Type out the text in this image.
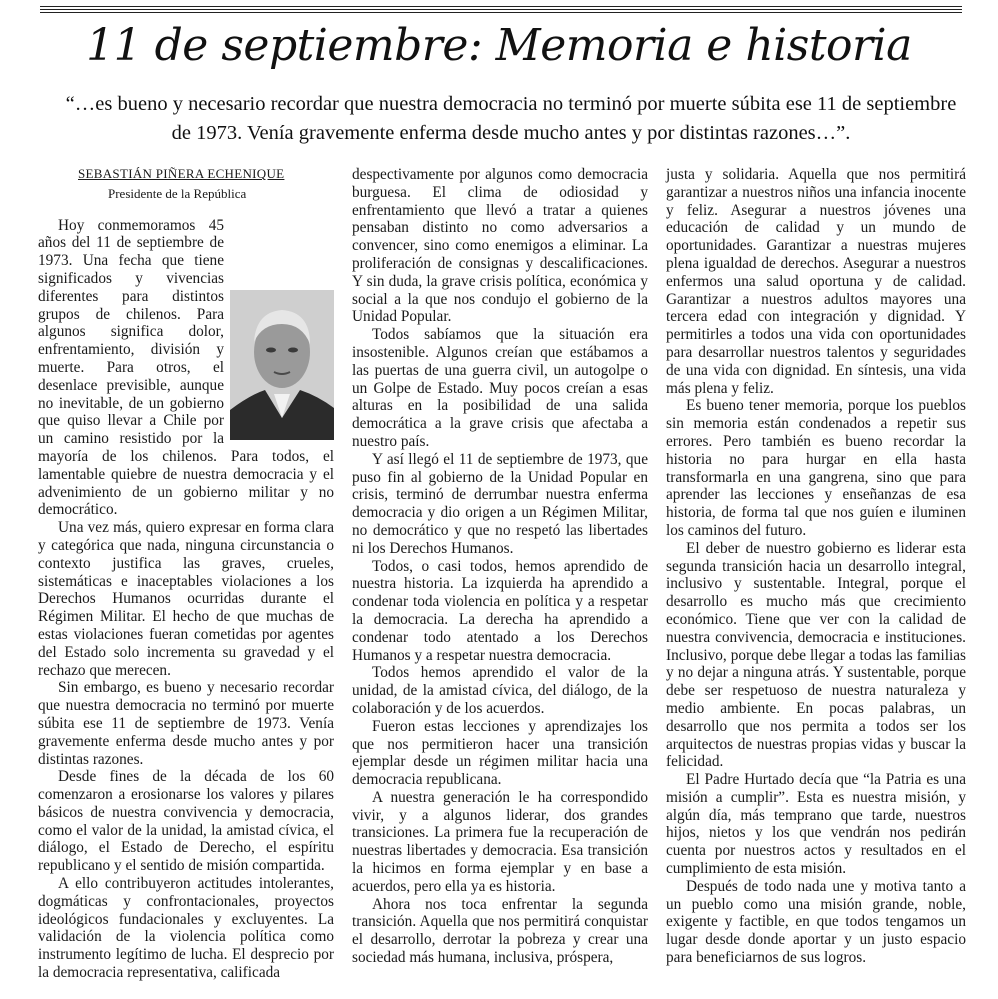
11 de septiembre: Memoria e historia

“…es bueno y necesario recordar que nuestra democracia no terminó por muerte súbita ese 11 de septiembre de 1973. Venía gravemente enferma desde mucho antes y por distintas razones…”.

SEBASTIÁN PIÑERA ECHENIQUE
Presidente de la República

Hoy conmemoramos 45 años del 11 de septiembre de 1973. Una fecha que tiene significados y vivencias diferentes para distintos grupos de chilenos. Para algunos significa dolor, enfrentamiento, división y muerte. Para otros, el desenlace previsible, aunque no inevitable, de un gobierno que quiso llevar a Chile por un camino resistido por la mayoría de los chilenos. Para todos, el lamentable quiebre de nuestra democracia y el advenimiento de un gobierno militar y no democrático.

Una vez más, quiero expresar en forma clara y categórica que nada, ninguna circunstancia o contexto justifica las graves, crueles, sistemáticas e inaceptables violaciones a los Derechos Humanos ocurridas durante el Régimen Militar. El hecho de que muchas de estas violaciones fueran cometidas por agentes del Estado solo incrementa su gravedad y el rechazo que merecen.

Sin embargo, es bueno y necesario recordar que nuestra democracia no terminó por muerte súbita ese 11 de septiembre de 1973. Venía gravemente enferma desde mucho antes y por distintas razones.

Desde fines de la década de los 60 comenzaron a erosionarse los valores y pilares básicos de nuestra convivencia y democracia, como el valor de la unidad, la amistad cívica, el diálogo, el Estado de Derecho, el espíritu republicano y el sentido de misión compartida.

A ello contribuyeron actitudes intolerantes, dogmáticas y confrontacionales, proyectos ideológicos fundacionales y excluyentes. La validación de la violencia política como instrumento legítimo de lucha. El desprecio por la democracia representativa, calificada

despectivamente por algunos como democracia burguesa. El clima de odiosidad y enfrentamiento que llevó a tratar a quienes pensaban distinto no como adversarios a convencer, sino como enemigos a eliminar. La proliferación de consignas y descalificaciones. Y sin duda, la grave crisis política, económica y social a la que nos condujo el gobierno de la Unidad Popular.

Todos sabíamos que la situación era insostenible. Algunos creían que estábamos a las puertas de una guerra civil, un autogolpe o un Golpe de Estado. Muy pocos creían a esas alturas en la posibilidad de una salida democrática a la grave crisis que afectaba a nuestro país.

Y así llegó el 11 de septiembre de 1973, que puso fin al gobierno de la Unidad Popular en crisis, terminó de derrumbar nuestra enferma democracia y dio origen a un Régimen Militar, no democrático y que no respetó las libertades ni los Derechos Humanos.

Todos, o casi todos, hemos aprendido de nuestra historia. La izquierda ha aprendido a condenar toda violencia en política y a respetar la democracia. La derecha ha aprendido a condenar todo atentado a los Derechos Humanos y a respetar nuestra democracia.

Todos hemos aprendido el valor de la unidad, de la amistad cívica, del diálogo, de la colaboración y de los acuerdos.

Fueron estas lecciones y aprendizajes los que nos permitieron hacer una transición ejemplar desde un régimen militar hacia una democracia republicana.

A nuestra generación le ha correspondido vivir, y a algunos liderar, dos grandes transiciones. La primera fue la recuperación de nuestras libertades y democracia. Esa transición la hicimos en forma ejemplar y en base a acuerdos, pero ella ya es historia.

Ahora nos toca enfrentar la segunda transición. Aquella que nos permitirá conquistar el desarrollo, derrotar la pobreza y crear una sociedad más humana, inclusiva, próspera,

justa y solidaria. Aquella que nos permitirá garantizar a nuestros niños una infancia inocente y feliz. Asegurar a nuestros jóvenes una educación de calidad y un mundo de oportunidades. Garantizar a nuestras mujeres plena igualdad de derechos. Asegurar a nuestros enfermos una salud oportuna y de calidad. Garantizar a nuestros adultos mayores una tercera edad con integración y dignidad. Y permitirles a todos una vida con oportunidades para desarrollar nuestros talentos y seguridades de una vida con dignidad. En síntesis, una vida más plena y feliz.

Es bueno tener memoria, porque los pueblos sin memoria están condenados a repetir sus errores. Pero también es bueno recordar la historia no para hurgar en ella hasta transformarla en una gangrena, sino que para aprender las lecciones y enseñanzas de esa historia, de forma tal que nos guíen e iluminen los caminos del futuro.

El deber de nuestro gobierno es liderar esta segunda transición hacia un desarrollo integral, inclusivo y sustentable. Integral, porque el desarrollo es mucho más que crecimiento económico. Tiene que ver con la calidad de nuestra convivencia, democracia e instituciones. Inclusivo, porque debe llegar a todas las familias y no dejar a ninguna atrás. Y sustentable, porque debe ser respetuoso de nuestra naturaleza y medio ambiente. En pocas palabras, un desarrollo que nos permita a todos ser los arquitectos de nuestras propias vidas y buscar la felicidad.

El Padre Hurtado decía que “la Patria es una misión a cumplir”. Esta es nuestra misión, y algún día, más temprano que tarde, nuestros hijos, nietos y los que vendrán nos pedirán cuenta por nuestros actos y resultados en el cumplimiento de esta misión.

Después de todo nada une y motiva tanto a un pueblo como una misión grande, noble, exigente y factible, en que todos tengamos un lugar desde donde aportar y un justo espacio para beneficiarnos de sus logros.
